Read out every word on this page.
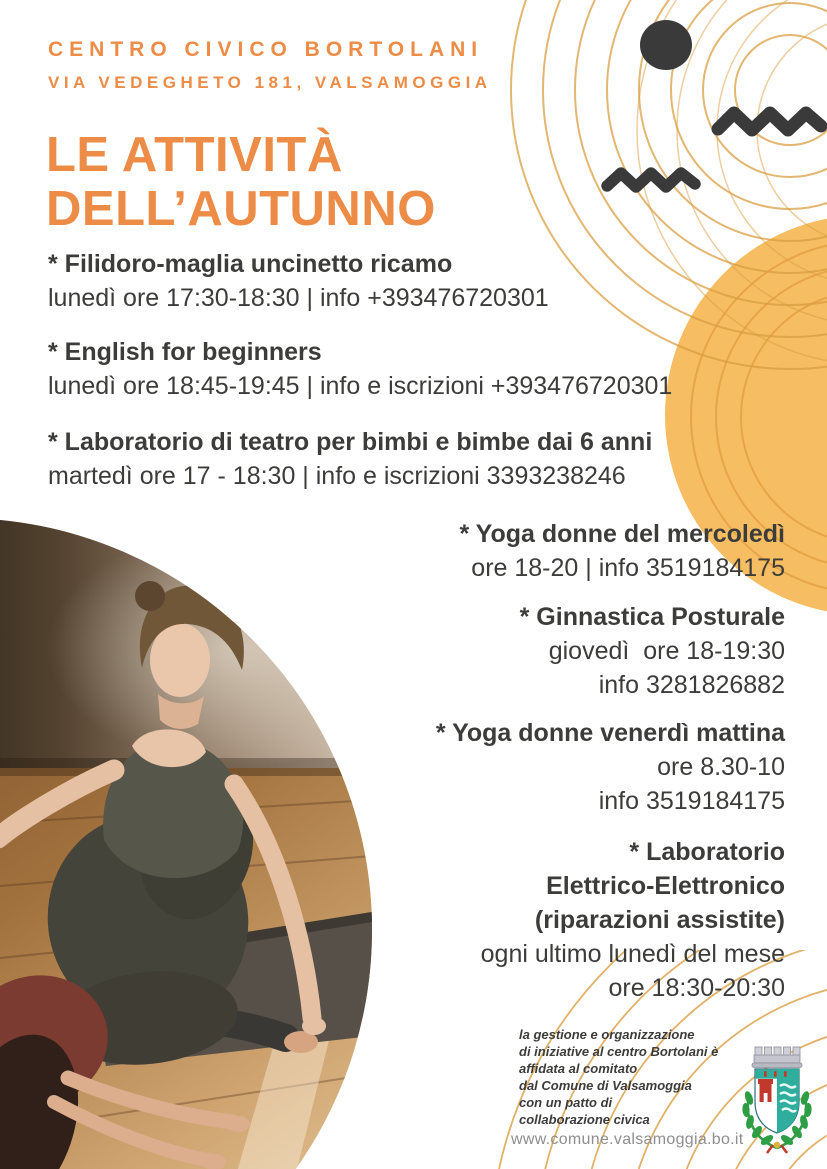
CENTRO CIVICO BORTOLANI
VIA VEDEGHETO 181, VALSAMOGGIA
LE ATTIVITÀ
DELL’AUTUNNO
* Filidoro-maglia uncinetto ricamo
lunedì ore 17:30-18:30 | info +393476720301
* English for beginners
lunedì ore 18:45-19:45 | info e iscrizioni +393476720301
* Laboratorio di teatro per bimbi e bimbe dai 6 anni
martedì ore 17 - 18:30 | info e iscrizioni 3393238246
* Yoga donne del mercoledì
ore 18-20 | info 3519184175
* Ginnastica Posturale
giovedì  ore 18-19:30
info 3281826882
* Yoga donne venerdì mattina
ore 8.30-10
info 3519184175
* Laboratorio
Elettrico-Elettronico
(riparazioni assistite)
ogni ultimo lunedì del mese
ore 18:30-20:30
la gestione e organizzazione
di iniziative al centro Bortolani è
affidata al comitato
dal Comune di Valsamoggia
con un patto di
collaborazione civica
www.comune.valsamoggia.bo.it
